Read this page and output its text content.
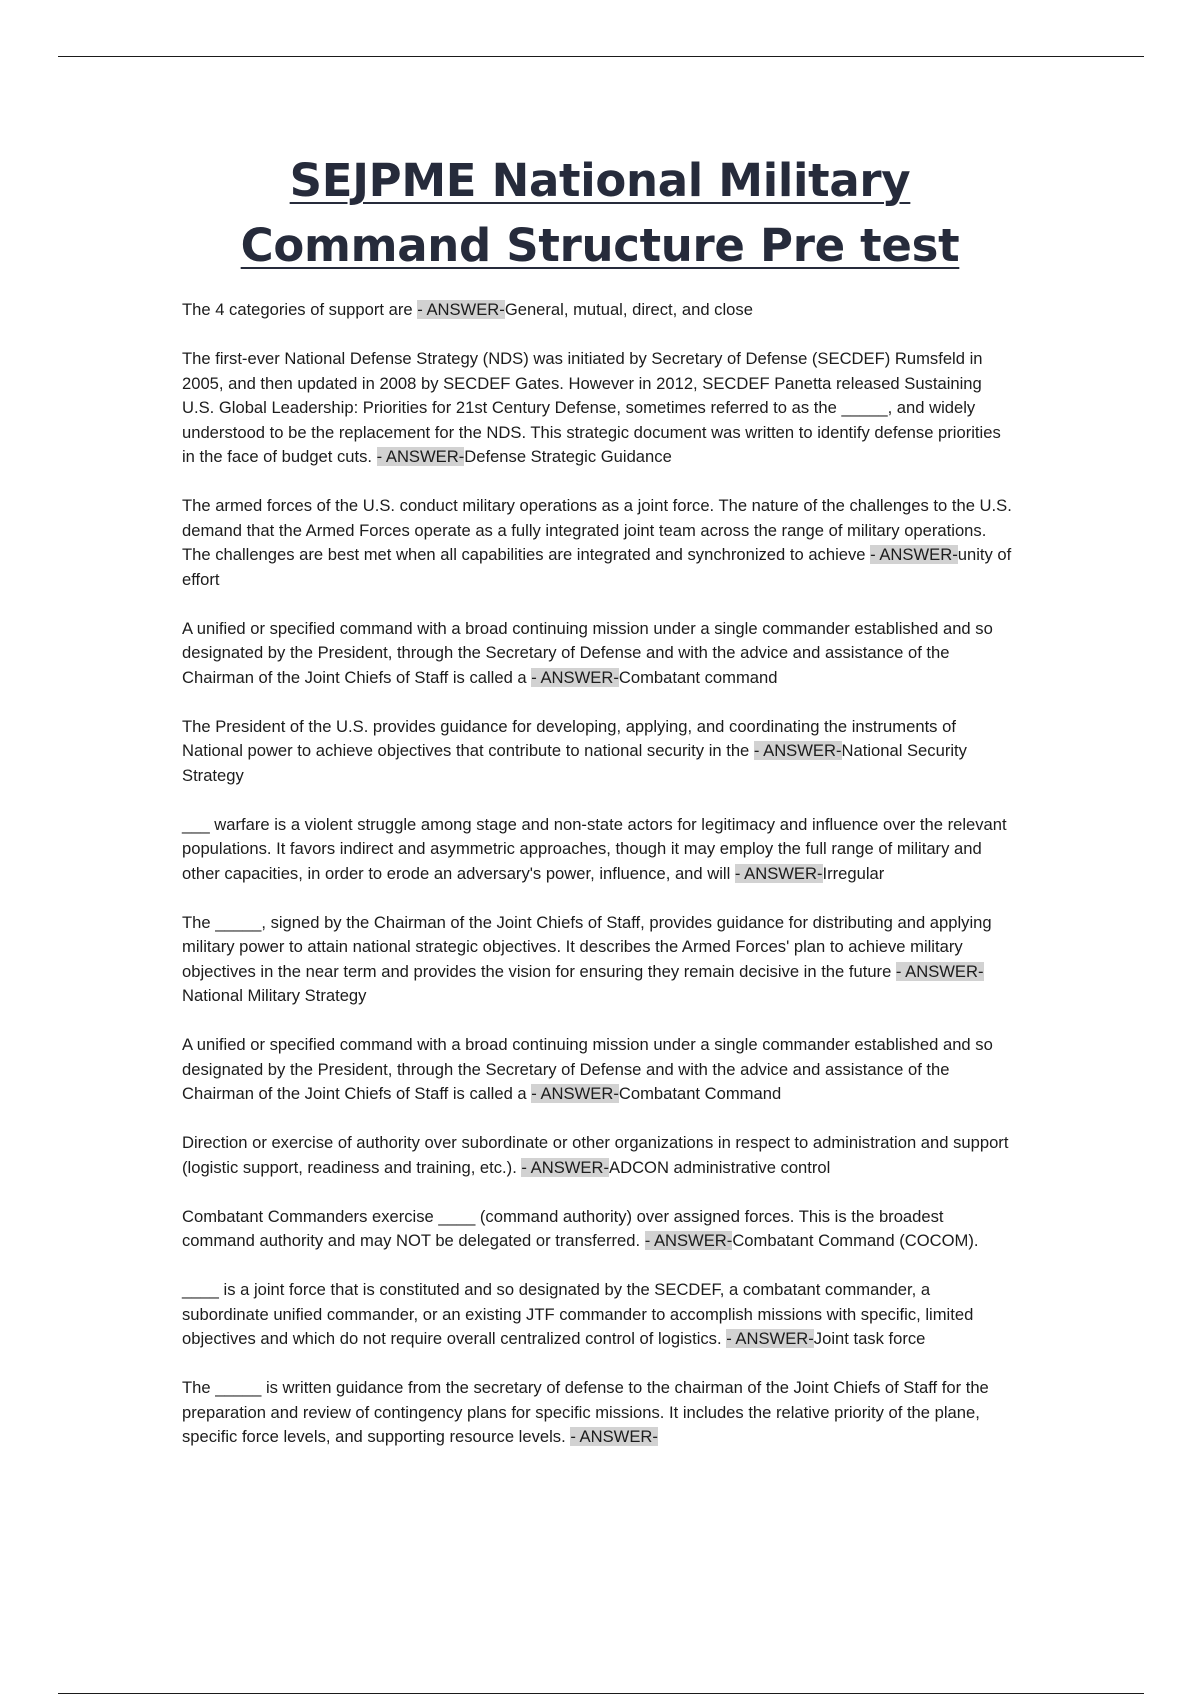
SEJPME National Military Command Structure Pre test

The 4 categories of support are - ANSWER-General, mutual, direct, and close

The first-ever National Defense Strategy (NDS) was initiated by Secretary of Defense (SECDEF) Rumsfeld in 2005, and then updated in 2008 by SECDEF Gates. However in 2012, SECDEF Panetta released Sustaining U.S. Global Leadership: Priorities for 21st Century Defense, sometimes referred to as the _____, and widely understood to be the replacement for the NDS. This strategic document was written to identify defense priorities in the face of budget cuts. - ANSWER-Defense Strategic Guidance

The armed forces of the U.S. conduct military operations as a joint force. The nature of the challenges to the U.S. demand that the Armed Forces operate as a fully integrated joint team across the range of military operations. The challenges are best met when all capabilities are integrated and synchronized to achieve - ANSWER-unity of effort

A unified or specified command with a broad continuing mission under a single commander established and so designated by the President, through the Secretary of Defense and with the advice and assistance of the Chairman of the Joint Chiefs of Staff is called a - ANSWER-Combatant command

The President of the U.S. provides guidance for developing, applying, and coordinating the instruments of National power to achieve objectives that contribute to national security in the - ANSWER-National Security Strategy

___ warfare is a violent struggle among stage and non-state actors for legitimacy and influence over the relevant populations. It favors indirect and asymmetric approaches, though it may employ the full range of military and other capacities, in order to erode an adversary's power, influence, and will - ANSWER-Irregular

The _____, signed by the Chairman of the Joint Chiefs of Staff, provides guidance for distributing and applying military power to attain national strategic objectives. It describes the Armed Forces' plan to achieve military objectives in the near term and provides the vision for ensuring they remain decisive in the future - ANSWER-National Military Strategy

A unified or specified command with a broad continuing mission under a single commander established and so designated by the President, through the Secretary of Defense and with the advice and assistance of the Chairman of the Joint Chiefs of Staff is called a - ANSWER-Combatant Command

Direction or exercise of authority over subordinate or other organizations in respect to administration and support (logistic support, readiness and training, etc.). - ANSWER-ADCON administrative control

Combatant Commanders exercise ____ (command authority) over assigned forces. This is the broadest command authority and may NOT be delegated or transferred. - ANSWER-Combatant Command (COCOM).

____ is a joint force that is constituted and so designated by the SECDEF, a combatant commander, a subordinate unified commander, or an existing JTF commander to accomplish missions with specific, limited objectives and which do not require overall centralized control of logistics. - ANSWER-Joint task force

The _____ is written guidance from the secretary of defense to the chairman of the Joint Chiefs of Staff for the preparation and review of contingency plans for specific missions. It includes the relative priority of the plane, specific force levels, and supporting resource levels. - ANSWER-
